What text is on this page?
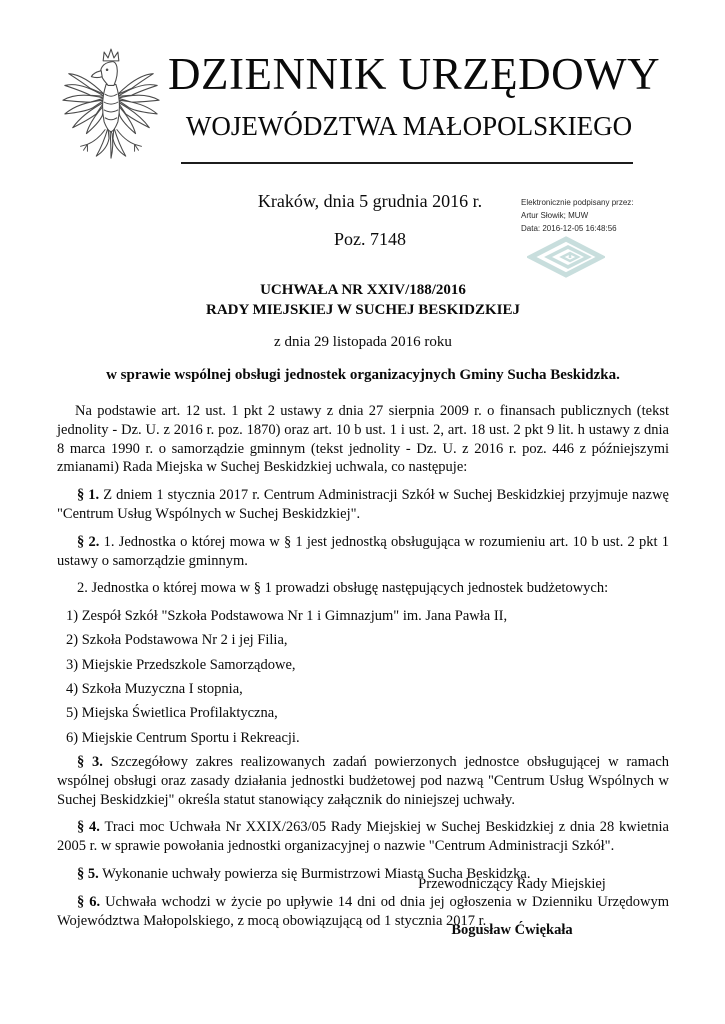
DZIENNIK URZĘDOWY
WOJEWÓDZTWA MAŁOPOLSKIEGO
Kraków, dnia 5 grudnia 2016 r.
Poz. 7148
Elektronicznie podpisany przez:
Artur Słowik; MUW
Data: 2016-12-05 16:48:56
UCHWAŁA NR XXIV/188/2016
RADY MIEJSKIEJ W SUCHEJ BESKIDZKIEJ
z dnia 29 listopada 2016 roku
w sprawie wspólnej obsługi jednostek organizacyjnych Gminy Sucha Beskidzka.

Na podstawie art. 12 ust. 1 pkt 2 ustawy z dnia 27 sierpnia 2009 r. o finansach publicznych (tekst jednolity - Dz. U. z 2016 r. poz. 1870) oraz art. 10 b ust. 1 i ust. 2, art. 18 ust. 2 pkt 9 lit. h ustawy z dnia 8 marca 1990 r. o samorządzie gminnym (tekst jednolity - Dz. U. z 2016 r. poz. 446 z późniejszymi zmianami) Rada Miejska w Suchej Beskidzkiej uchwala, co następuje:

§ 1. Z dniem 1 stycznia 2017 r. Centrum Administracji Szkół w Suchej Beskidzkiej przyjmuje nazwę "Centrum Usług Wspólnych w Suchej Beskidzkiej".

§ 2. 1. Jednostka o której mowa w § 1 jest jednostką obsługująca w rozumieniu art. 10 b ust. 2 pkt 1 ustawy o samorządzie gminnym.

2. Jednostka o której mowa w § 1 prowadzi obsługę następujących jednostek budżetowych:

1) Zespół Szkół "Szkoła Podstawowa Nr 1 i Gimnazjum" im. Jana Pawła II,

2) Szkoła Podstawowa Nr 2 i jej Filia,

3) Miejskie Przedszkole Samorządowe,

4) Szkoła Muzyczna I stopnia,

5) Miejska Świetlica Profilaktyczna,

6) Miejskie Centrum Sportu i Rekreacji.

§ 3. Szczegółowy zakres realizowanych zadań powierzonych jednostce obsługującej w ramach wspólnej obsługi oraz zasady działania jednostki budżetowej pod nazwą "Centrum Usług Wspólnych w Suchej Beskidzkiej" określa statut stanowiący załącznik do niniejszej uchwały.

§ 4. Traci moc Uchwała Nr XXIX/263/05 Rady Miejskiej w Suchej Beskidzkiej z dnia 28 kwietnia 2005 r. w sprawie powołania jednostki organizacyjnej o nazwie "Centrum Administracji Szkół".

§ 5. Wykonanie uchwały powierza się Burmistrzowi Miasta Sucha Beskidzka.

§ 6. Uchwała wchodzi w życie po upływie 14 dni od dnia jej ogłoszenia w Dzienniku Urzędowym Województwa Małopolskiego, z mocą obowiązującą od 1 stycznia 2017 r.

Przewodniczący Rady Miejskiej
Bogusław Ćwiękała
